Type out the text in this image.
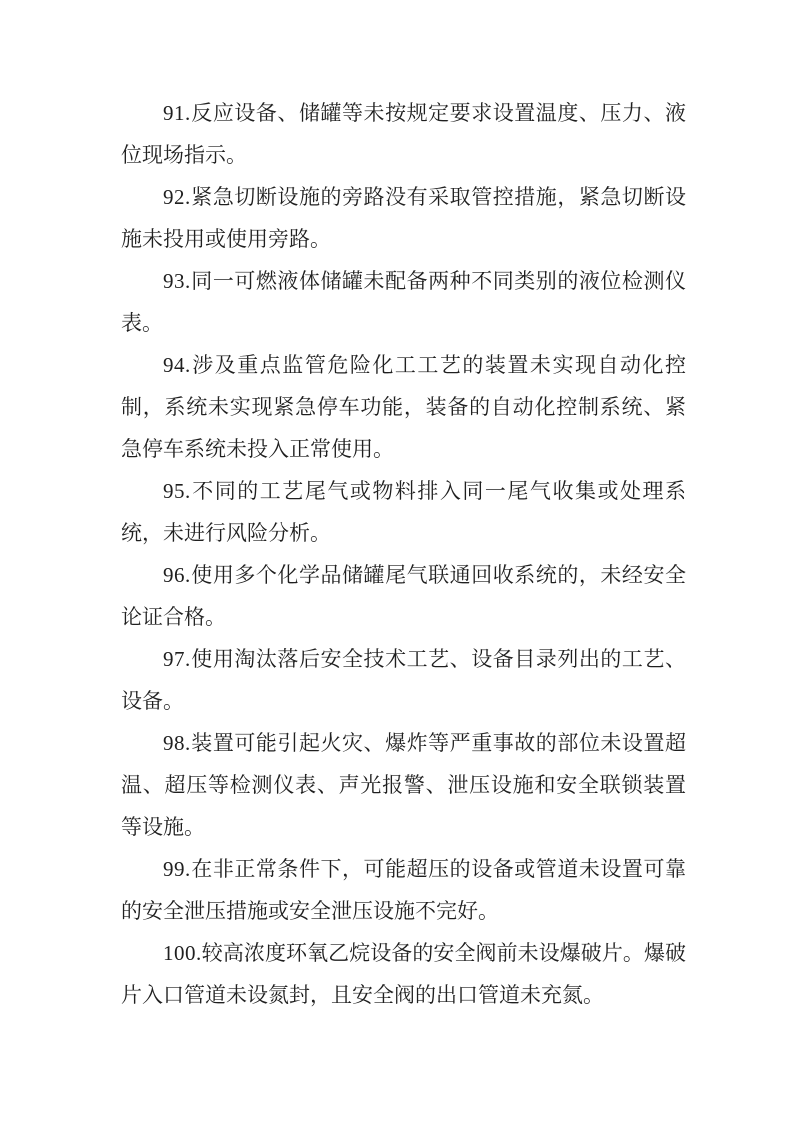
91.反应设备、储罐等未按规定要求设置温度、压力、液位现场指示。

92.紧急切断设施的旁路没有采取管控措施，紧急切断设施未投用或使用旁路。

93.同一可燃液体储罐未配备两种不同类别的液位检测仪表。

94.涉及重点监管危险化工工艺的装置未实现自动化控制，系统未实现紧急停车功能，装备的自动化控制系统、紧急停车系统未投入正常使用。

95.不同的工艺尾气或物料排入同一尾气收集或处理系统，未进行风险分析。

96.使用多个化学品储罐尾气联通回收系统的，未经安全论证合格。

97.使用淘汰落后安全技术工艺、设备目录列出的工艺、设备。

98.装置可能引起火灾、爆炸等严重事故的部位未设置超温、超压等检测仪表、声光报警、泄压设施和安全联锁装置等设施。

99.在非正常条件下，可能超压的设备或管道未设置可靠的安全泄压措施或安全泄压设施不完好。

100.较高浓度环氧乙烷设备的安全阀前未设爆破片。爆破片入口管道未设氮封，且安全阀的出口管道未充氮。
